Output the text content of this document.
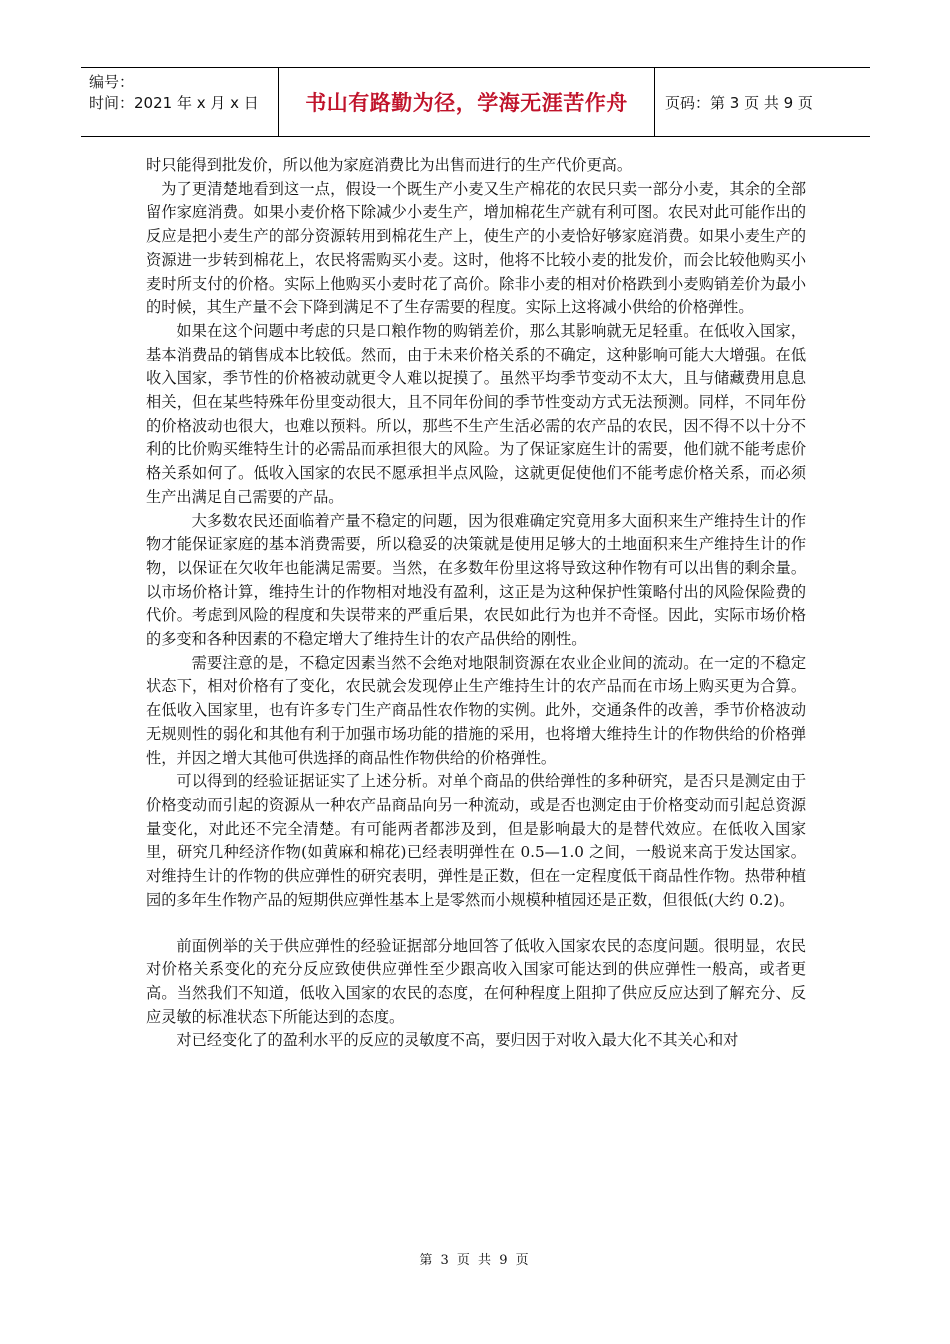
编号：
时间：2021 年 x 月 x 日	书山有路勤为径，学海无涯苦作舟	页码：第 3 页 共 9 页

时只能得到批发价，所以他为家庭消费比为出售而进行的生产代价更高。

为了更清楚地看到这一点，假设一个既生产小麦又生产棉花的农民只卖一部分小麦，其余的全部留作家庭消费。如果小麦价格下除减少小麦生产，增加棉花生产就有利可图。农民对此可能作出的反应是把小麦生产的部分资源转用到棉花生产上，使生产的小麦恰好够家庭消费。如果小麦生产的资源进一步转到棉花上，农民将需购买小麦。这时，他将不比较小麦的批发价，而会比较他购买小麦时所支付的价格。实际上他购买小麦时花了高价。除非小麦的相对价格跌到小麦购销差价为最小的时候，其生产量不会下降到满足不了生存需要的程度。实际上这将减小供给的价格弹性。

如果在这个问题中考虑的只是口粮作物的购销差价，那么其影响就无足轻重。在低收入国家，基本消费品的销售成本比较低。然而，由于未来价格关系的不确定，这种影响可能大大增强。在低收入国家，季节性的价格被动就更令人难以捉摸了。虽然平均季节变动不太大，且与储藏费用息息相关，但在某些特殊年份里变动很大，且不同年份间的季节性变动方式无法预测。同样，不同年份的价格波动也很大，也难以预料。所以，那些不生产生活必需的农产品的农民，因不得不以十分不利的比价购买维特生计的必需品而承担很大的风险。为了保证家庭生计的需要，他们就不能考虑价格关系如何了。低收入国家的农民不愿承担半点风险，这就更促使他们不能考虑价格关系，而必须生产出满足自己需要的产品。

大多数农民还面临着产量不稳定的问题，因为很难确定究竟用多大面积来生产维持生计的作物才能保证家庭的基本消费需要，所以稳妥的决策就是使用足够大的土地面积来生产维持生计的作物，以保证在欠收年也能满足需要。当然，在多数年份里这将导致这种作物有可以出售的剩余量。以市场价格计算，维持生计的作物相对地没有盈利，这正是为这种保护性策略付出的风险保险费的代价。考虑到风险的程度和失误带来的严重后果，农民如此行为也并不奇怪。因此，实际市场价格的多变和各种因素的不稳定增大了维持生计的农产品供给的刚性。

需要注意的是，不稳定因素当然不会绝对地限制资源在农业企业间的流动。在一定的不稳定状态下，相对价格有了变化，农民就会发现停止生产维持生计的农产品而在市场上购买更为合算。在低收入国家里，也有许多专门生产商品性农作物的实例。此外，交通条件的改善，季节价格波动无规则性的弱化和其他有利于加强市场功能的措施的采用，也将增大维持生计的作物供给的价格弹性，并因之增大其他可供选择的商品性作物供给的价格弹性。

可以得到的经验证据证实了上述分析。对单个商品的供给弹性的多种研究，是否只是测定由于价格变动而引起的资源从一种农产品商品向另一种流动，或是否也测定由于价格变动而引起总资源量变化，对此还不完全清楚。有可能两者都涉及到，但是影响最大的是替代效应。在低收入国家里，研究几种经济作物(如黄麻和棉花)已经表明弹性在 0.5—1.0 之间，一般说来高于发达国家。对维持生计的作物的供应弹性的研究表明，弹性是正数，但在一定程度低干商品性作物。热带种植园的多年生作物产品的短期供应弹性基本上是零然而小规模种植园还是正数，但很低(大约 0.2)。

前面例举的关于供应弹性的经验证据部分地回答了低收入国家农民的态度问题。很明显，农民对价格关系变化的充分反应致使供应弹性至少跟高收入国家可能达到的供应弹性一般高，或者更高。当然我们不知道，低收入国家的农民的态度，在何种程度上阻抑了供应反应达到了解充分、反应灵敏的标准状态下所能达到的态度。

对已经变化了的盈利水平的反应的灵敏度不高，要归因于对收入最大化不其关心和对

第 3 页 共 9 页
